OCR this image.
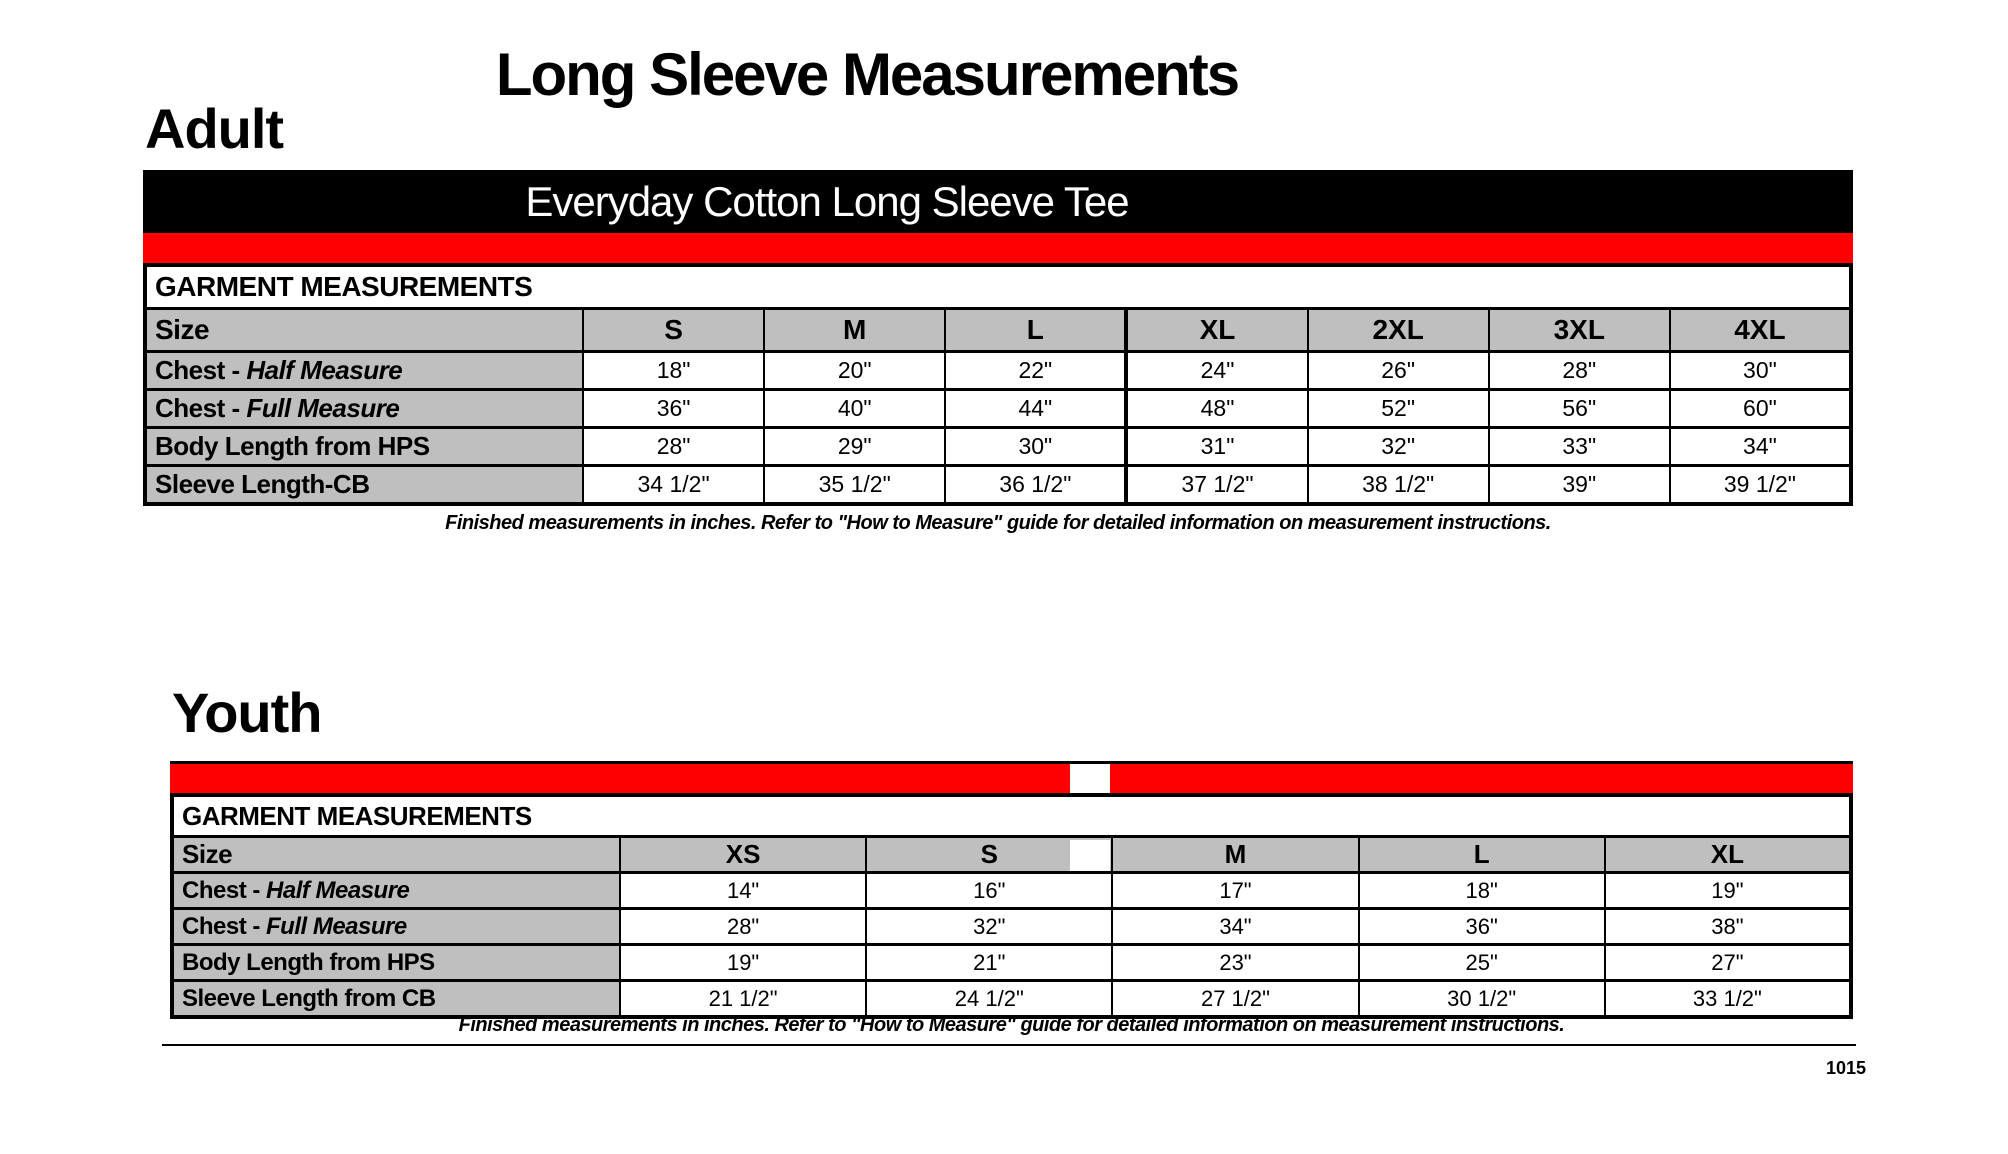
Long Sleeve Measurements
Adult
Everyday Cotton Long Sleeve Tee
GARMENT MEASUREMENTS							
Size	S	M	L	XL	2XL	3XL	4XL
Chest - Half Measure	18"	20"	22"	24"	26"	28"	30"
Chest - Full Measure	36"	40"	44"	48"	52"	56"	60"
Body Length from HPS	28"	29"	30"	31"	32"	33"	34"
Sleeve Length-CB	34 1/2"	35 1/2"	36 1/2"	37 1/2"	38 1/2"	39"	39 1/2"
Finished measurements in inches. Refer to "How to Measure" guide for detailed information on measurement instructions.
Youth
GARMENT MEASUREMENTS					
Size	XS	S	M	L	XL
Chest - Half Measure	14"	16"	17"	18"	19"
Chest - Full Measure	28"	32"	34"	36"	38"
Body Length from HPS	19"	21"	23"	25"	27"
Sleeve Length from CB	21 1/2"	24 1/2"	27 1/2"	30 1/2"	33 1/2"
Finished measurements in inches. Refer to "How to Measure" guide for detailed information on measurement instructions.
1015
